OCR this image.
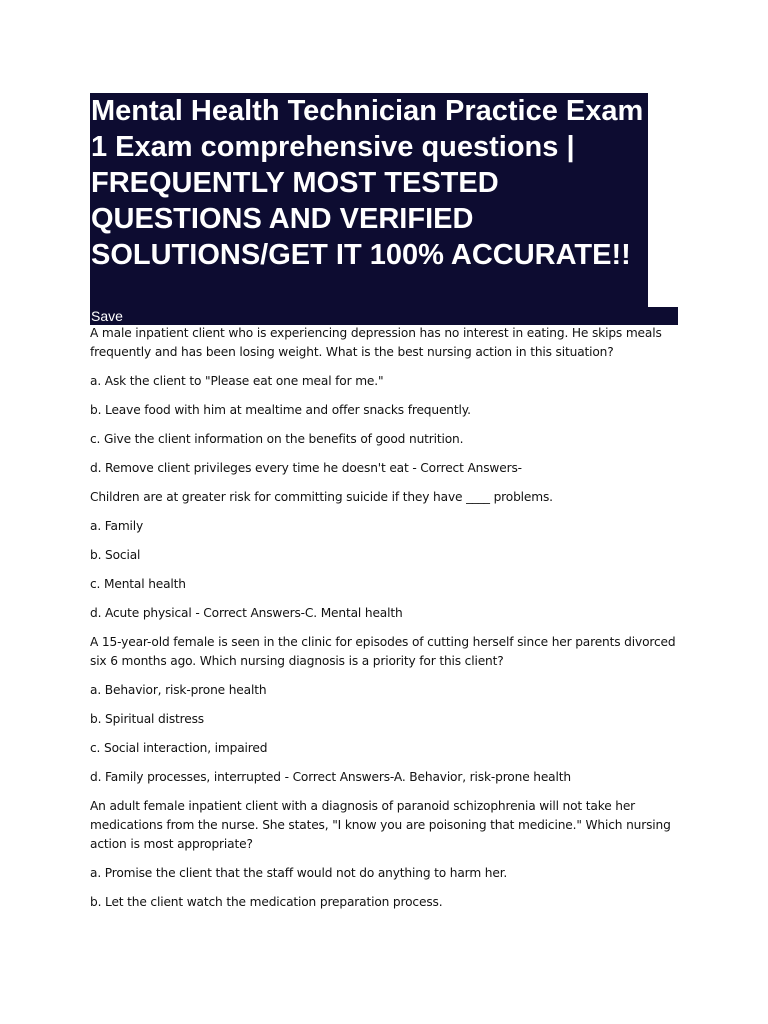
Mental Health Technician Practice Exam 1 Exam comprehensive questions | FREQUENTLY MOST TESTED QUESTIONS AND VERIFIED SOLUTIONS/GET IT 100% ACCURATE!!
Save

A male inpatient client who is experiencing depression has no interest in eating. He skips meals frequently and has been losing weight. What is the best nursing action in this situation?

a. Ask the client to "Please eat one meal for me."

b. Leave food with him at mealtime and offer snacks frequently.

c. Give the client information on the benefits of good nutrition.

d. Remove client privileges every time he doesn't eat - Correct Answers-

Children are at greater risk for committing suicide if they have ____ problems.

a. Family

b. Social

c. Mental health

d. Acute physical - Correct Answers-C. Mental health

A 15-year-old female is seen in the clinic for episodes of cutting herself since her parents divorced six 6 months ago. Which nursing diagnosis is a priority for this client?

a. Behavior, risk-prone health

b. Spiritual distress

c. Social interaction, impaired

d. Family processes, interrupted - Correct Answers-A. Behavior, risk-prone health

An adult female inpatient client with a diagnosis of paranoid schizophrenia will not take her medications from the nurse. She states, "I know you are poisoning that medicine." Which nursing action is most appropriate?

a. Promise the client that the staff would not do anything to harm her.

b. Let the client watch the medication preparation process.
